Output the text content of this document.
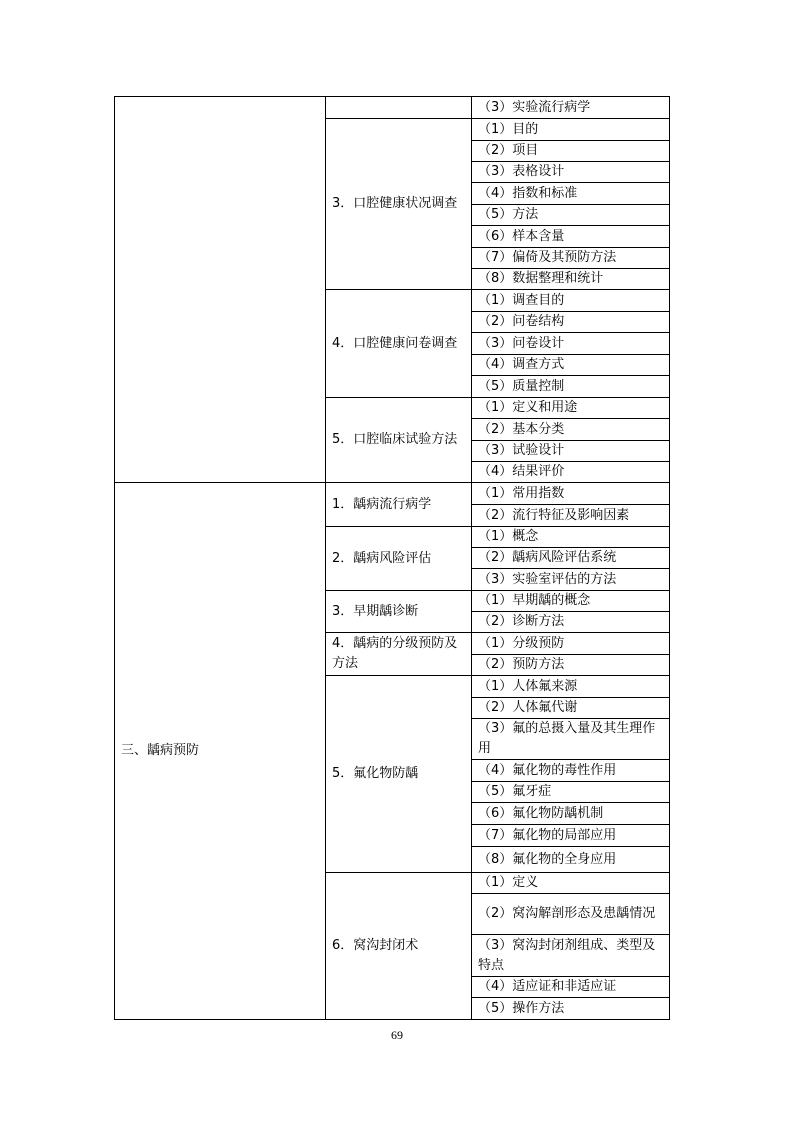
		（3）实验流行病学
	3．口腔健康状况调查	（1）目的
		（2）项目
		（3）表格设计
		（4）指数和标准
		（5）方法
		（6）样本含量
		（7）偏倚及其预防方法
		（8）数据整理和统计
	4．口腔健康问卷调查	（1）调查目的
		（2）问卷结构
		（3）问卷设计
		（4）调查方式
		（5）质量控制
	5．口腔临床试验方法	（1）定义和用途
		（2）基本分类
		（3）试验设计
		（4）结果评价
三、龋病预防	1．龋病流行病学	（1）常用指数
		（2）流行特征及影响因素
	2．龋病风险评估	（1）概念
		（2）龋病风险评估系统
		（3）实验室评估的方法
	3．早期龋诊断	（1）早期龋的概念
		（2）诊断方法
	4．龋病的分级预防及方法	（1）分级预防
		（2）预防方法
	5．氟化物防龋	（1）人体氟来源
		（2）人体氟代谢
		（3）氟的总摄入量及其生理作用
		（4）氟化物的毒性作用
		（5）氟牙症
		（6）氟化物防龋机制
		（7）氟化物的局部应用
		（8）氟化物的全身应用
	6．窝沟封闭术	（1）定义
		（2）窝沟解剖形态及患龋情况
		（3）窝沟封闭剂组成、类型及特点
		（4）适应证和非适应证
		（5）操作方法
69
